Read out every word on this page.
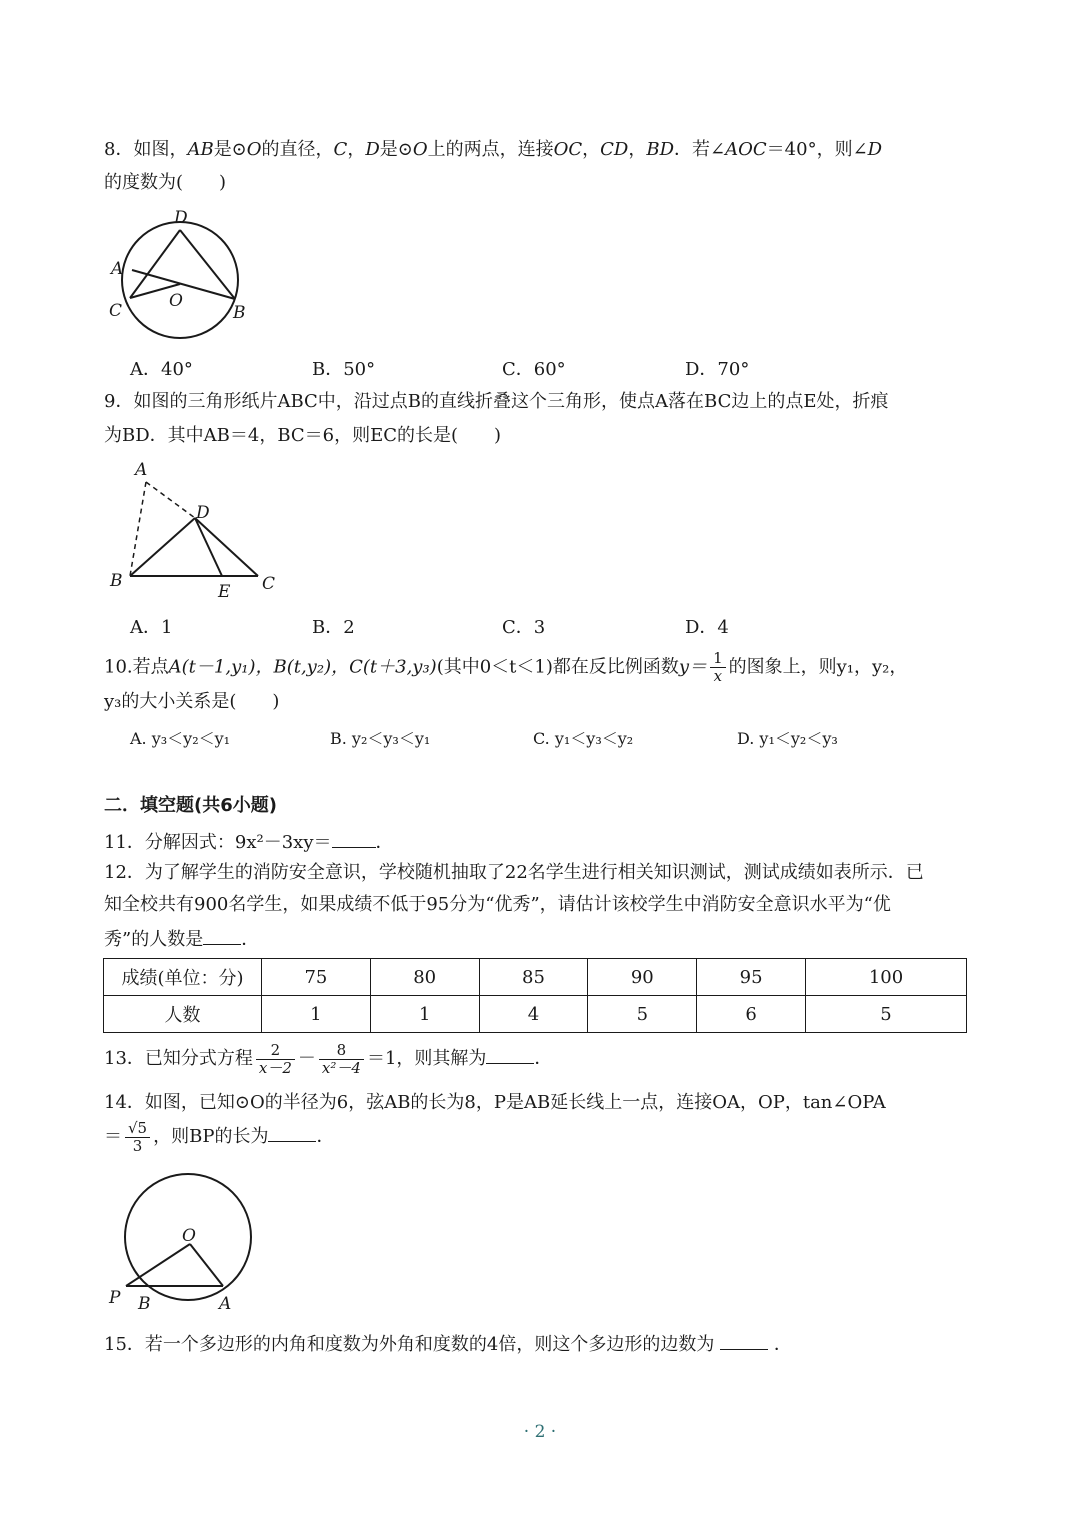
8．如图，AB是⊙O的直径，C，D是⊙O上的两点，连接OC，CD，BD．若∠AOC＝40°，则∠D
的度数为(　　)
D
A
C	O
B
A．40°	B．50°	C．60°	D．70°
9．如图的三角形纸片ABC中，沿过点B的直线折叠这个三角形，使点A落在BC边上的点E处，折痕
为BD．其中AB＝4，BC＝6，则EC的长是(　　)
A
D
B
E C
A．1	B．2	C．3	D．4
10.若点A(t－1,y₁)，B(t,y₂)，C(t＋3,y₃)(其中0＜t＜1)都在反比例函数$y= \frac{1}{x}$ 的图象上，则y₁，y₂，
y₃的大小关系是(　　)
A. y₃＜y₂＜y₁	B. y₂＜y₃＜y₁	C. y₁＜y₃＜y₂	D. y₁＜y₂＜y₃
二．填空题(共6小题)
11．分解因式：9x²－3xy＝ ．
12．为了解学生的消防安全意识，学校随机抽取了22名学生进行相关知识测试，测试成绩如表所示．已
知全校共有900名学生，如果成绩不低于95分为“优秀”，请估计该校学生中消防安全意识水平为“优
秀”的人数是 ．
成绩(单位：分)	75	80	85	90	95	100
人数	1	1	4	5	6	5
13．已知分式方程 $\frac{2}{x-2} - \frac{8}{\text{x²－4}} =1$，则其解为	．
14．如图，已知⊙O的半径为6，弦AB的长为8，P是AB延长线上一点，连接OA，OP，tan∠OPA
＝ $\frac{√5}{3}$ ，则BP的长为	．
O
P B	A
15．若一个多边形的内角和度数为外角和度数的4倍，则这个多边形的边数为	．
· 2 ·
